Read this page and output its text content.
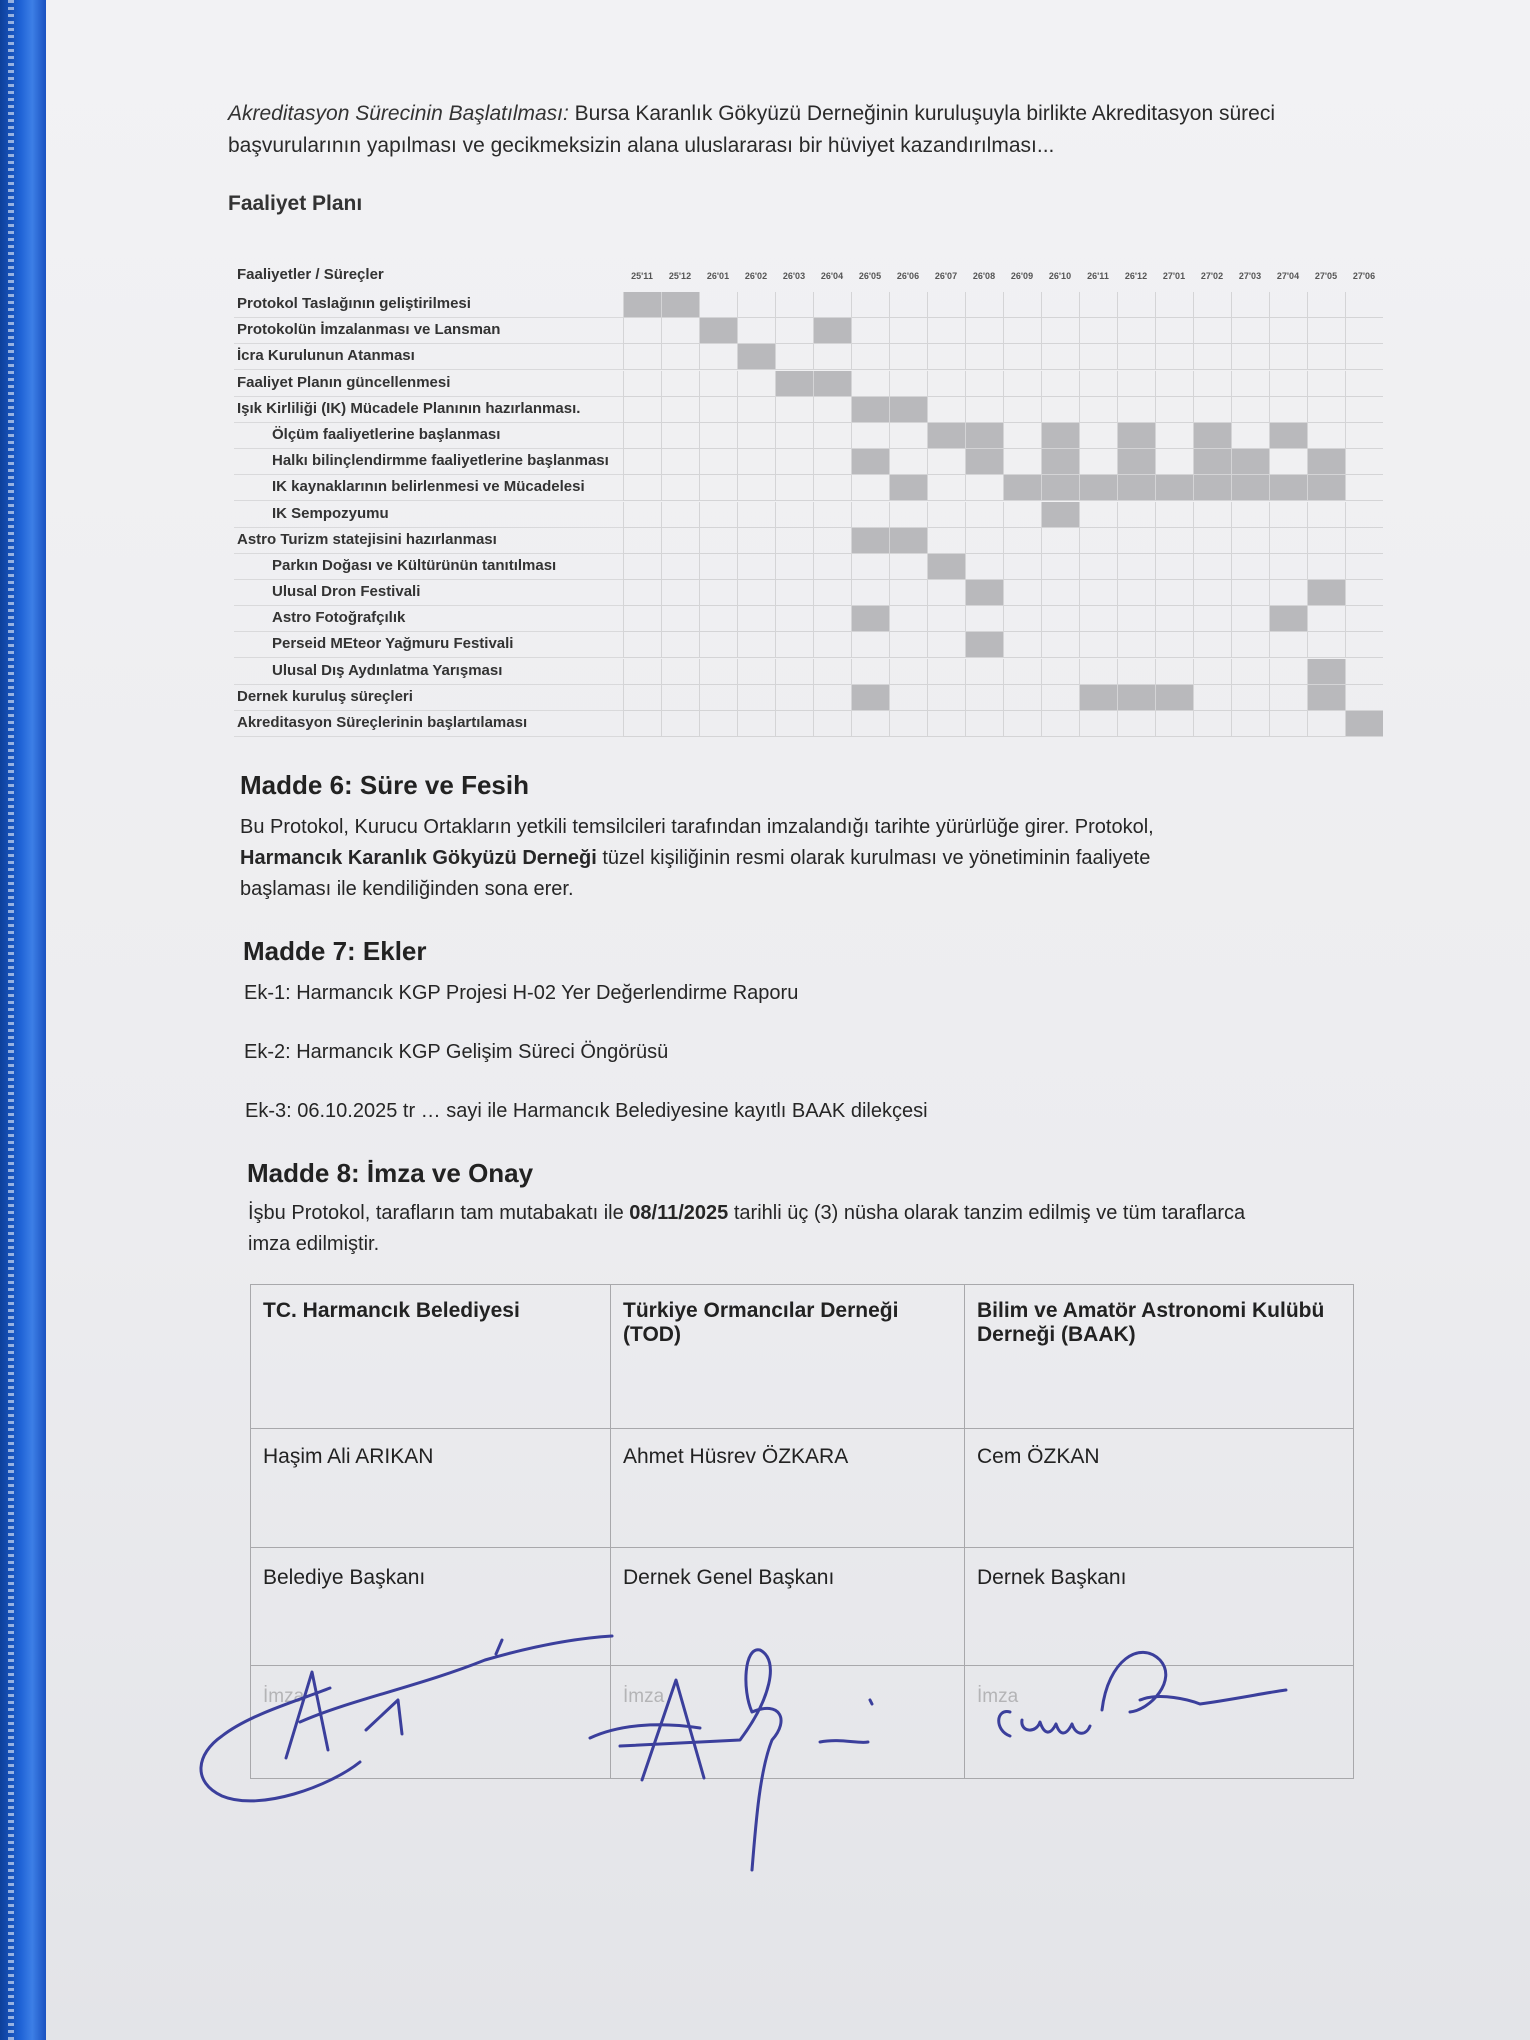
Akreditasyon Sürecinin Başlatılması: Bursa Karanlık Gökyüzü Derneğinin kuruluşuyla birlikte Akreditasyon süreci başvurularının yapılması ve gecikmeksizin alana uluslararası bir hüviyet kazandırılması...
Faaliyet Planı
Faaliyetler / Süreçler	25'11	25'12	26'01	26'02	26'03	26'04	26'05	26'06	26'07	26'08	26'09	26'10	26'11	26'12	27'01	27'02	27'03	27'04	27'05	27'06
Protokol Taslağının geliştirilmesi
Protokolün İmzalanması ve Lansman
İcra Kurulunun Atanması
Faaliyet Planın güncellenmesi
Işık Kirliliği (IK) Mücadele Planının hazırlanması.
Ölçüm faaliyetlerine başlanması
Halkı bilinçlendirmme faaliyetlerine başlanması
IK kaynaklarının belirlenmesi ve Mücadelesi
IK Sempozyumu
Astro Turizm statejisini hazırlanması
Parkın Doğası ve Kültürünün tanıtılması
Ulusal Dron Festivali
Astro Fotoğrafçılık
Perseid MEteor Yağmuru Festivali
Ulusal Dış Aydınlatma Yarışması
Dernek kuruluş süreçleri
Akreditasyon Süreçlerinin başlartılaması
Madde 6: Süre ve Fesih
Bu Protokol, Kurucu Ortakların yetkili temsilcileri tarafından imzalandığı tarihte yürürlüğe girer. Protokol,
Harmancık Karanlık Gökyüzü Derneği tüzel kişiliğinin resmi olarak kurulması ve yönetiminin faaliyete
başlaması ile kendiliğinden sona erer.
Madde 7: Ekler
Ek-1: Harmancık KGP Projesi H-02 Yer Değerlendirme Raporu
Ek-2: Harmancık KGP Gelişim Süreci Öngörüsü
Ek-3: 06.10.2025 tr … sayi ile Harmancık Belediyesine kayıtlı BAAK dilekçesi
Madde 8: İmza ve Onay
İşbu Protokol, tarafların tam mutabakatı ile 08/11/2025 tarihli üç (3) nüsha olarak tanzim edilmiş ve tüm taraflarca
imza edilmiştir.
TC. Harmancık Belediyesi	Türkiye Ormancılar Derneği (TOD)	Bilim ve Amatör Astronomi Kulübü Derneği (BAAK)
Haşim Ali ARIKAN	Ahmet Hüsrev ÖZKARA	Cem ÖZKAN
Belediye Başkanı	Dernek Genel Başkanı	Dernek Başkanı
İmza	İmza	İmza
